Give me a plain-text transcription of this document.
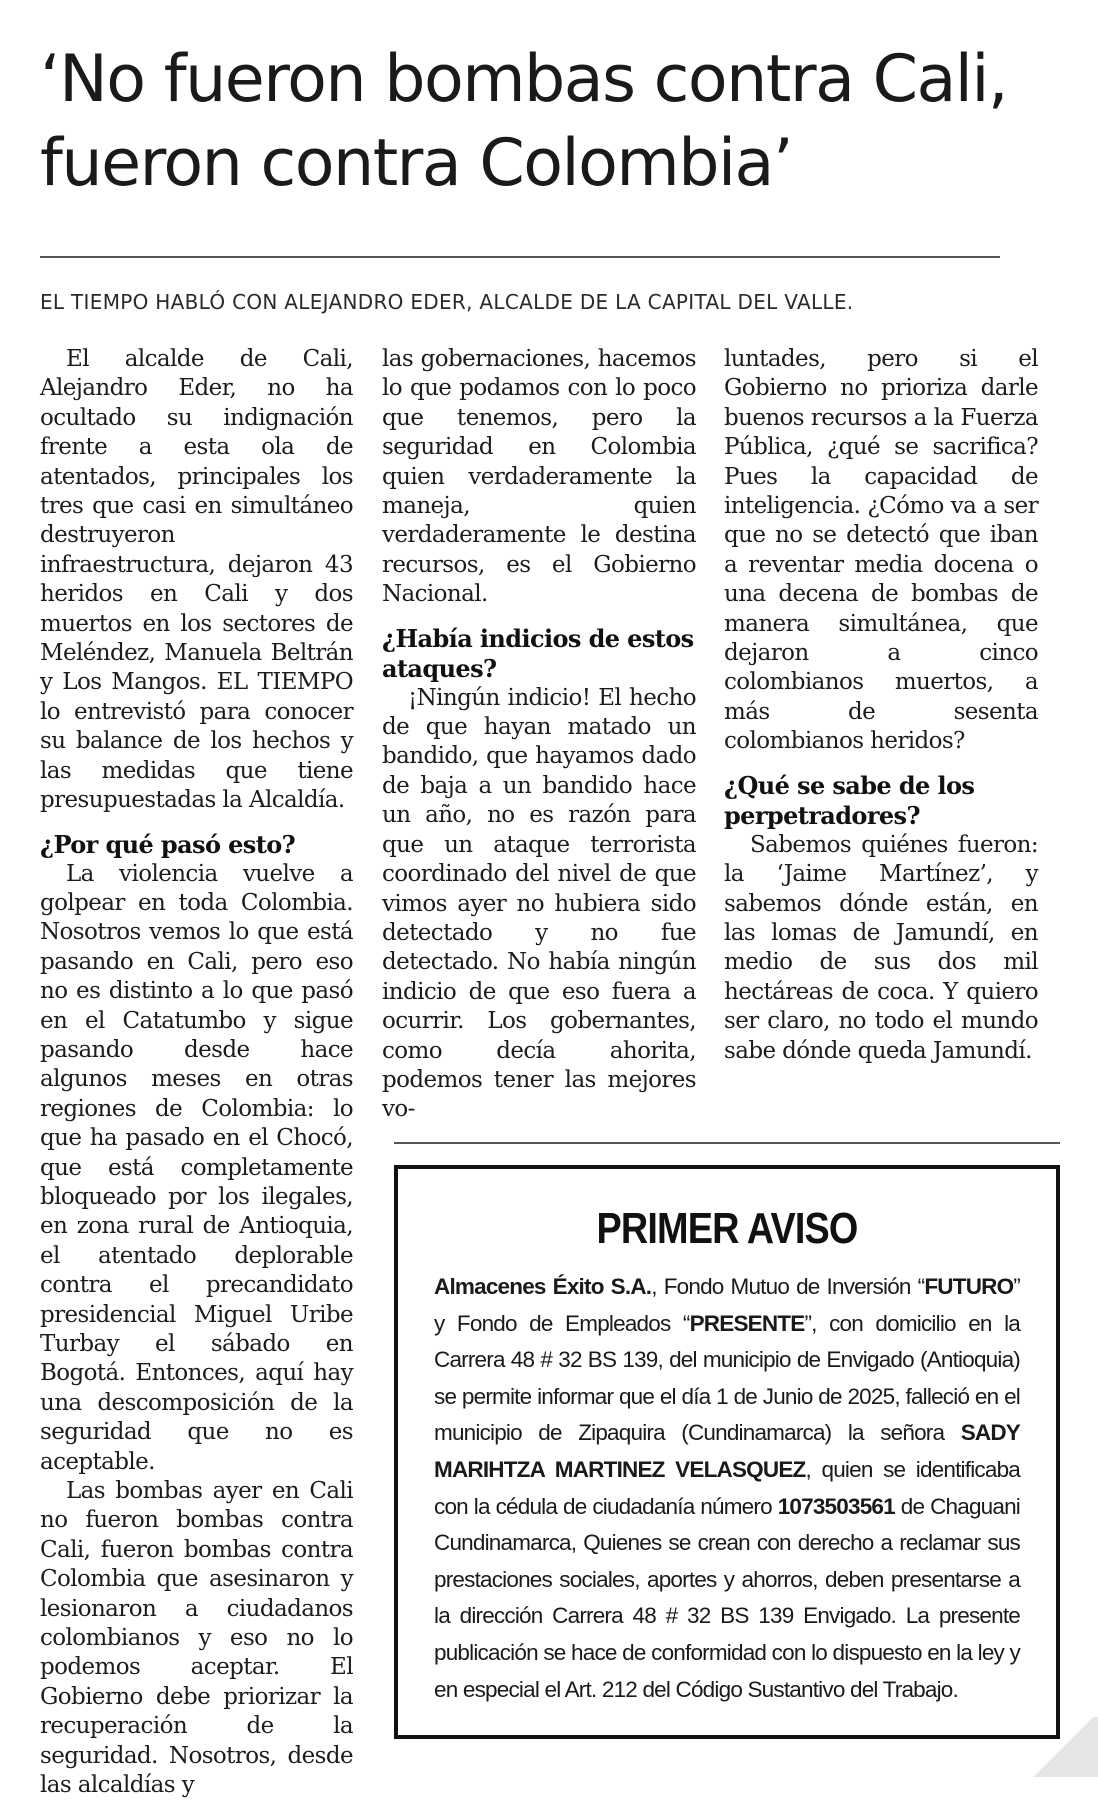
‘No fueron bombas contra Cali, fueron contra Colombia’
EL TIEMPO HABLÓ CON ALEJANDRO EDER, ALCALDE DE LA CAPITAL DEL VALLE.

El alcalde de Cali, Alejandro Eder, no ha ocultado su indignación frente a esta ola de atentados, principales los tres que casi en simultáneo destruyeron infraestructura, dejaron 43 heridos en Cali y dos muertos en los sectores de Meléndez, Manuela Beltrán y Los Mangos. EL TIEMPO lo entrevistó para conocer su balance de los hechos y las medidas que tiene presupuestadas la Alcaldía.

¿Por qué pasó esto?

La violencia vuelve a golpear en toda Colombia. Nosotros vemos lo que está pasando en Cali, pero eso no es distinto a lo que pasó en el Catatumbo y sigue pasando desde hace algunos meses en otras regiones de Colombia: lo que ha pasado en el Chocó, que está completamente bloqueado por los ilegales, en zona rural de Antioquia, el atentado deplorable contra el precandidato presidencial Miguel Uribe Turbay el sábado en Bogotá. Entonces, aquí hay una descomposición de la seguridad que no es aceptable.

Las bombas ayer en Cali no fueron bombas contra Cali, fueron bombas contra Colombia que asesinaron y lesionaron a ciudadanos colombianos y eso no lo podemos aceptar. El Gobierno debe priorizar la recuperación de la seguridad. Nosotros, desde las alcaldías y

las gobernaciones, hacemos lo que podamos con lo poco que tenemos, pero la seguridad en Colombia quien verdaderamente la maneja, quien verdaderamente le destina recursos, es el Gobierno Nacional.

¿Había indicios de estos ataques?

¡Ningún indicio! El hecho de que hayan matado un bandido, que hayamos dado de baja a un bandido hace un año, no es razón para que un ataque terrorista coordinado del nivel de que vimos ayer no hubiera sido detectado y no fue detectado. No había ningún indicio de que eso fuera a ocurrir. Los gobernantes, como decía ahorita, podemos tener las mejores vo-

luntades, pero si el Gobierno no prioriza darle buenos recursos a la Fuerza Pública, ¿qué se sacrifica? Pues la capacidad de inteligencia. ¿Cómo va a ser que no se detectó que iban a reventar media docena o una decena de bombas de manera simultánea, que dejaron a cinco colombianos muertos, a más de sesenta colombianos heridos?

¿Qué se sabe de los perpetradores?

Sabemos quiénes fueron: la ‘Jaime Martínez’, y sabemos dónde están, en las lomas de Jamundí, en medio de sus dos mil hectáreas de coca. Y quiero ser claro, no todo el mundo sabe dónde queda Jamundí.

PRIMER AVISO
Almacenes Éxito S.A., Fondo Mutuo de Inversión “FUTURO” y Fondo de Empleados “PRESENTE”, con domicilio en la Carrera 48 # 32 BS 139, del municipio de Envigado (Antioquia) se permite informar que el día 1 de Junio de 2025, falleció en el municipio de Zipaquira (Cundinamarca) la señora SADY MARIHTZA MARTINEZ VELASQUEZ, quien se identificaba con la cédula de ciudadanía número 1073503561 de Chaguani Cundinamarca, Quienes se crean con derecho a reclamar sus prestaciones sociales, aportes y ahorros, deben presentarse a la dirección Carrera 48 # 32 BS 139 Envigado. La presente publicación se hace de conformidad con lo dispuesto en la ley y en especial el Art. 212 del Código Sustantivo del Trabajo.
